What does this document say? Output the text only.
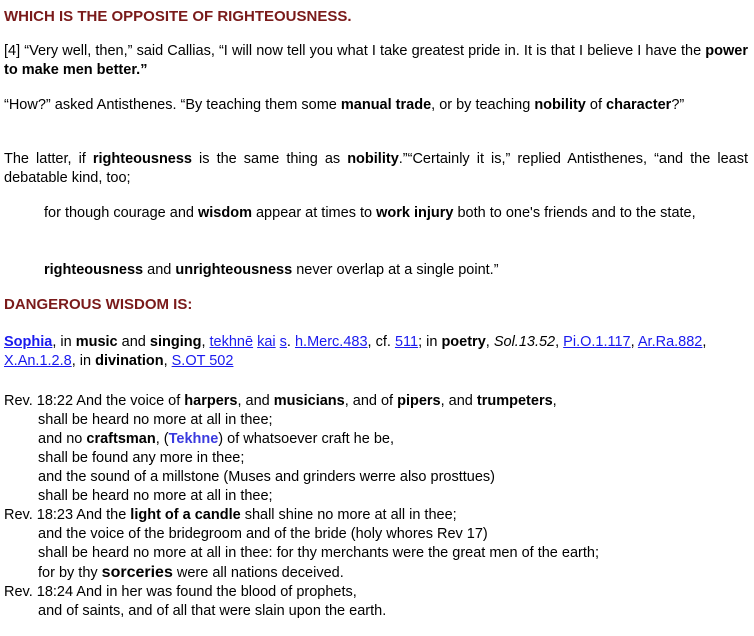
WHICH IS THE OPPOSITE OF RIGHTEOUSNESS.

[4] “Very well, then,” said Callias, “I will now tell you what I take greatest pride in. It is that I believe I have the power to make men better.”

“How?” asked Antisthenes. “By teaching them some manual trade, or by teaching nobility of character?”

The latter, if righteousness is the same thing as nobility.”“Certainly it is,” replied Antisthenes, “and the least debatable kind, too;

for though courage and wisdom appear at times to work injury both to one's friends and to the state,

righteousness and unrighteousness never overlap at a single point.”

DANGEROUS WISDOM IS:

Sophia, in music and singing, tekhnē kai s. h.Merc.483, cf. 511; in poetry, Sol.13.52, Pi.O.1.117, Ar.Ra.882, X.An.1.2.8, in divination, S.OT 502

Rev. 18:22 And the voice of harpers, and musicians, and of pipers, and trumpeters,
shall be heard no more at all in thee;
and no craftsman, (Tekhne) of whatsoever craft he be,
shall be found any more in thee;
and the sound of a millstone (Muses and grinders werre also prosttues)
shall be heard no more at all in thee;
Rev. 18:23 And the light of a candle shall shine no more at all in thee;
and the voice of the bridegroom and of the bride (holy whores Rev 17)
shall be heard no more at all in thee: for thy merchants were the great men of the earth;
for by thy sorceries were all nations deceived.
Rev. 18:24 And in her was found the blood of prophets,
and of saints, and of all that were slain upon the earth.
